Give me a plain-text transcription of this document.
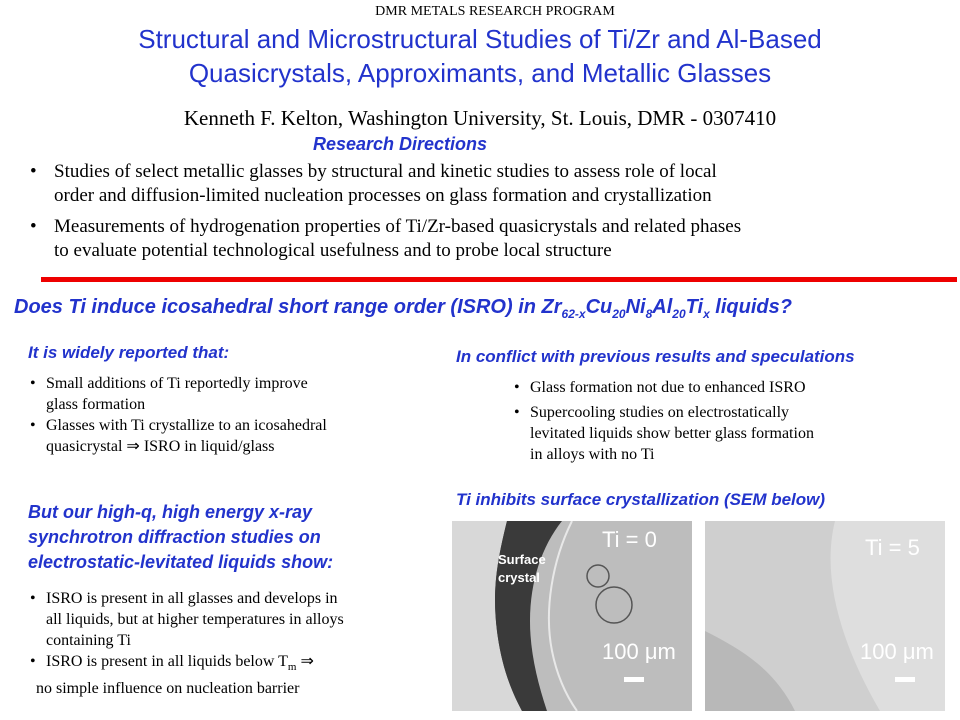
DMR METALS RESEARCH PROGRAM
Structural and Microstructural Studies of Ti/Zr and Al-Based
Quasicrystals, Approximants, and Metallic Glasses
Kenneth F. Kelton, Washington University, St. Louis, DMR - 0307410
Research Directions
• Studies of select metallic glasses by structural and kinetic studies to assess role of local
order and diffusion-limited nucleation processes on glass formation and crystallization
• Measurements of hydrogenation properties of Ti/Zr-based quasicrystals and related phases
to evaluate potential technological usefulness and to probe local structure
Does Ti induce icosahedral short range order (ISRO) in $Zr_{62-x}Cu_{20}Ni_8Al_{20}Ti_x$ liquids?
It is widely reported that:
• Small additions of Ti reportedly improve
glass formation
• Glasses with Ti crystallize to an icosahedral
quasicrystal ⇒ ISRO in liquid/glass
But our high-q, high energy x-ray
synchrotron diffraction studies on
electrostatic-levitated liquids show:
• ISRO is present in all glasses and develops in
all liquids, but at higher temperatures in alloys
containing Ti
• ISRO is present in all liquids below $T_m$ ⇒
no simple influence on nucleation barrier
In conflict with previous results and speculations
• Glass formation not due to enhanced ISRO
• Supercooling studies on electrostatically
levitated liquids show better glass formation
in alloys with no Ti
Ti inhibits surface crystallization (SEM below)
Ti = 0
Surface
crystal
100 μm
Ti = 5
100 μm
